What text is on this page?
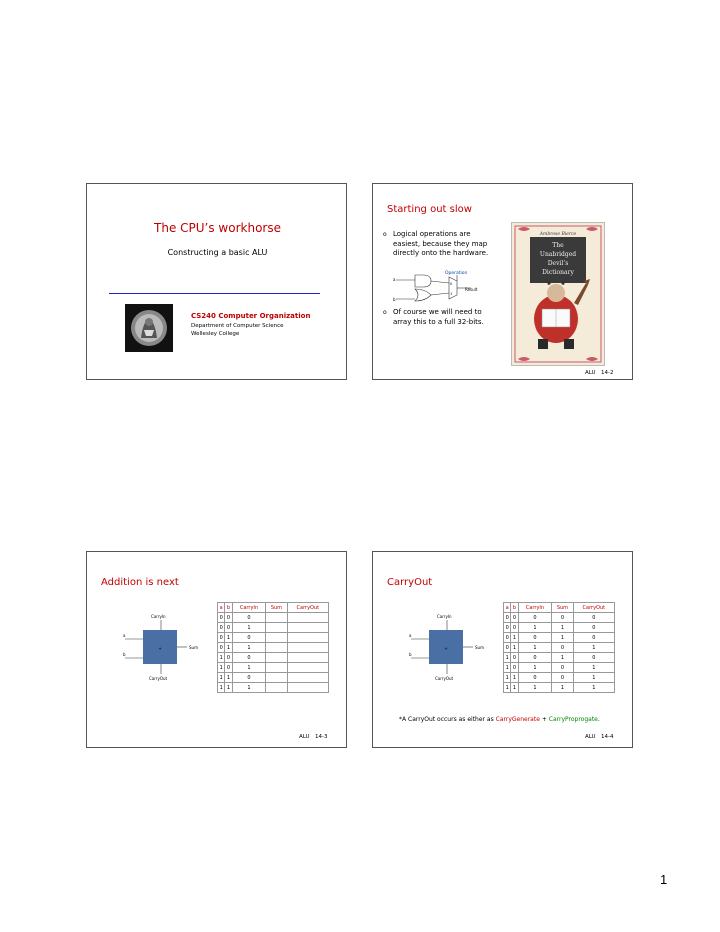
The CPU’s workhorse
Constructing a basic ALU
CS240 Computer Organization
Department of Computer Science
Wellesley College
Starting out slow
o Logical operations are easiest, because they map directly onto the hardware.
Operation
a
b
0
1
Result
o Of course we will need to array this to a full 32-bits.
Ambrose Bierce
The
Unabridged
Devil’s
Dictionary
ALU 14-2
Addition is next
CarryIn
+
a
b
Sum
CarryOut
a	b	CarryIn	Sum	CarryOut
0	0	0		
0	0	1		
0	1	0		
0	1	1		
1	0	0		
1	0	1		
1	1	0		
1	1	1		
ALU 14-3
CarryOut
CarryIn
+
a
b
Sum
CarryOut
a	b	CarryIn	Sum	CarryOut
0	0	0	0	0
0	0	1	1	0
0	1	0	1	0
0	1	1	0	1
1	0	0	1	0
1	0	1	0	1
1	1	0	0	1
1	1	1	1	1
*A CarryOut occurs as either as CarryGenerate + CarryProprogate.
ALU 14-4
1
